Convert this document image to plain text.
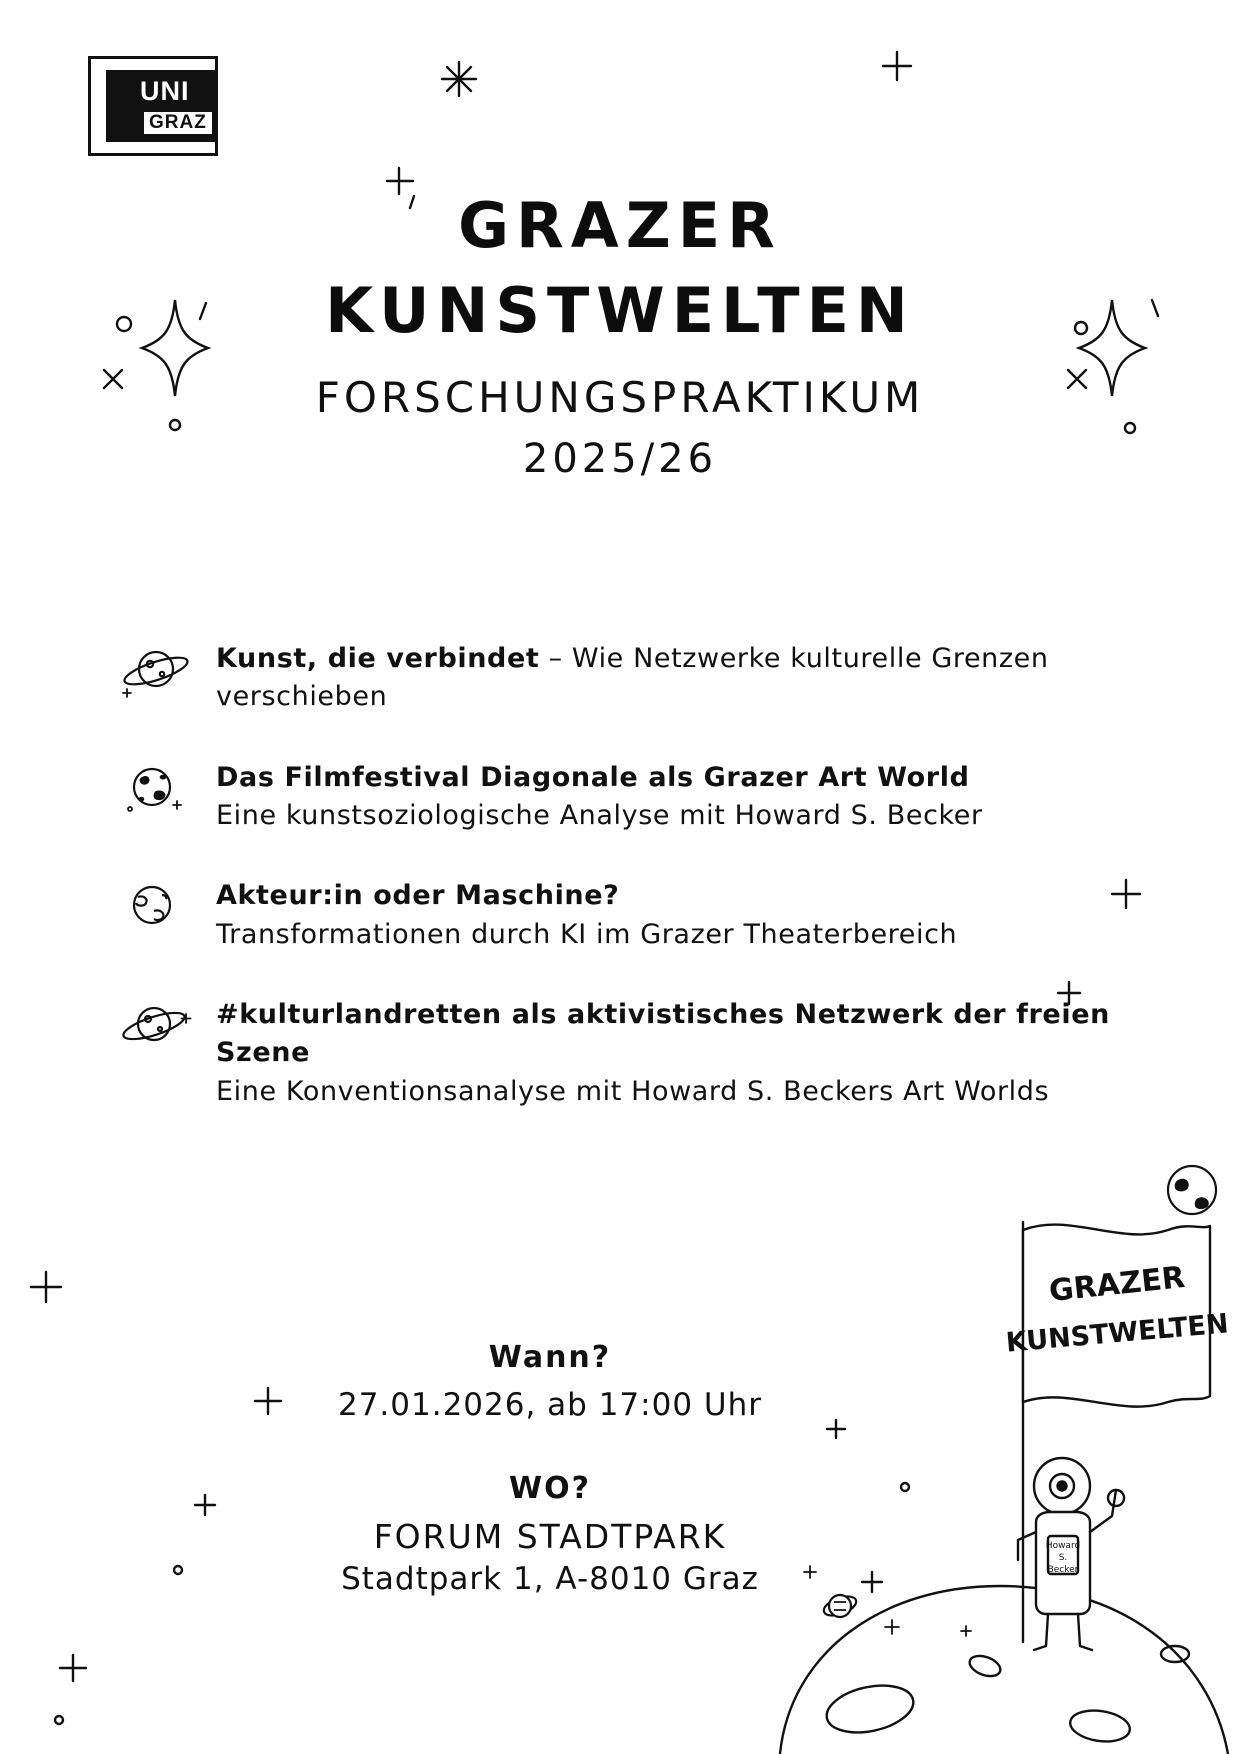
UNI
GRAZ
GRAZER
KUNSTWELTEN
FORSCHUNGSPRAKTIKUM
2025/26
Kunst, die verbindet – Wie Netzwerke kulturelle Grenzen verschieben
Das Filmfestival Diagonale als Grazer Art World
Eine kunstsoziologische Analyse mit Howard S. Becker
Akteur:in oder Maschine?
Transformationen durch KI im Grazer Theaterbereich
#kulturlandretten als aktivistisches Netzwerk der freien Szene
Eine Konventionsanalyse mit Howard S. Beckers Art Worlds
Wann?
27.01.2026, ab 17:00 Uhr
WO?
FORUM STADTPARK
Stadtpark 1, A-8010 Graz
GRAZER
KUNSTWELTEN
Howard
S.
Becker
